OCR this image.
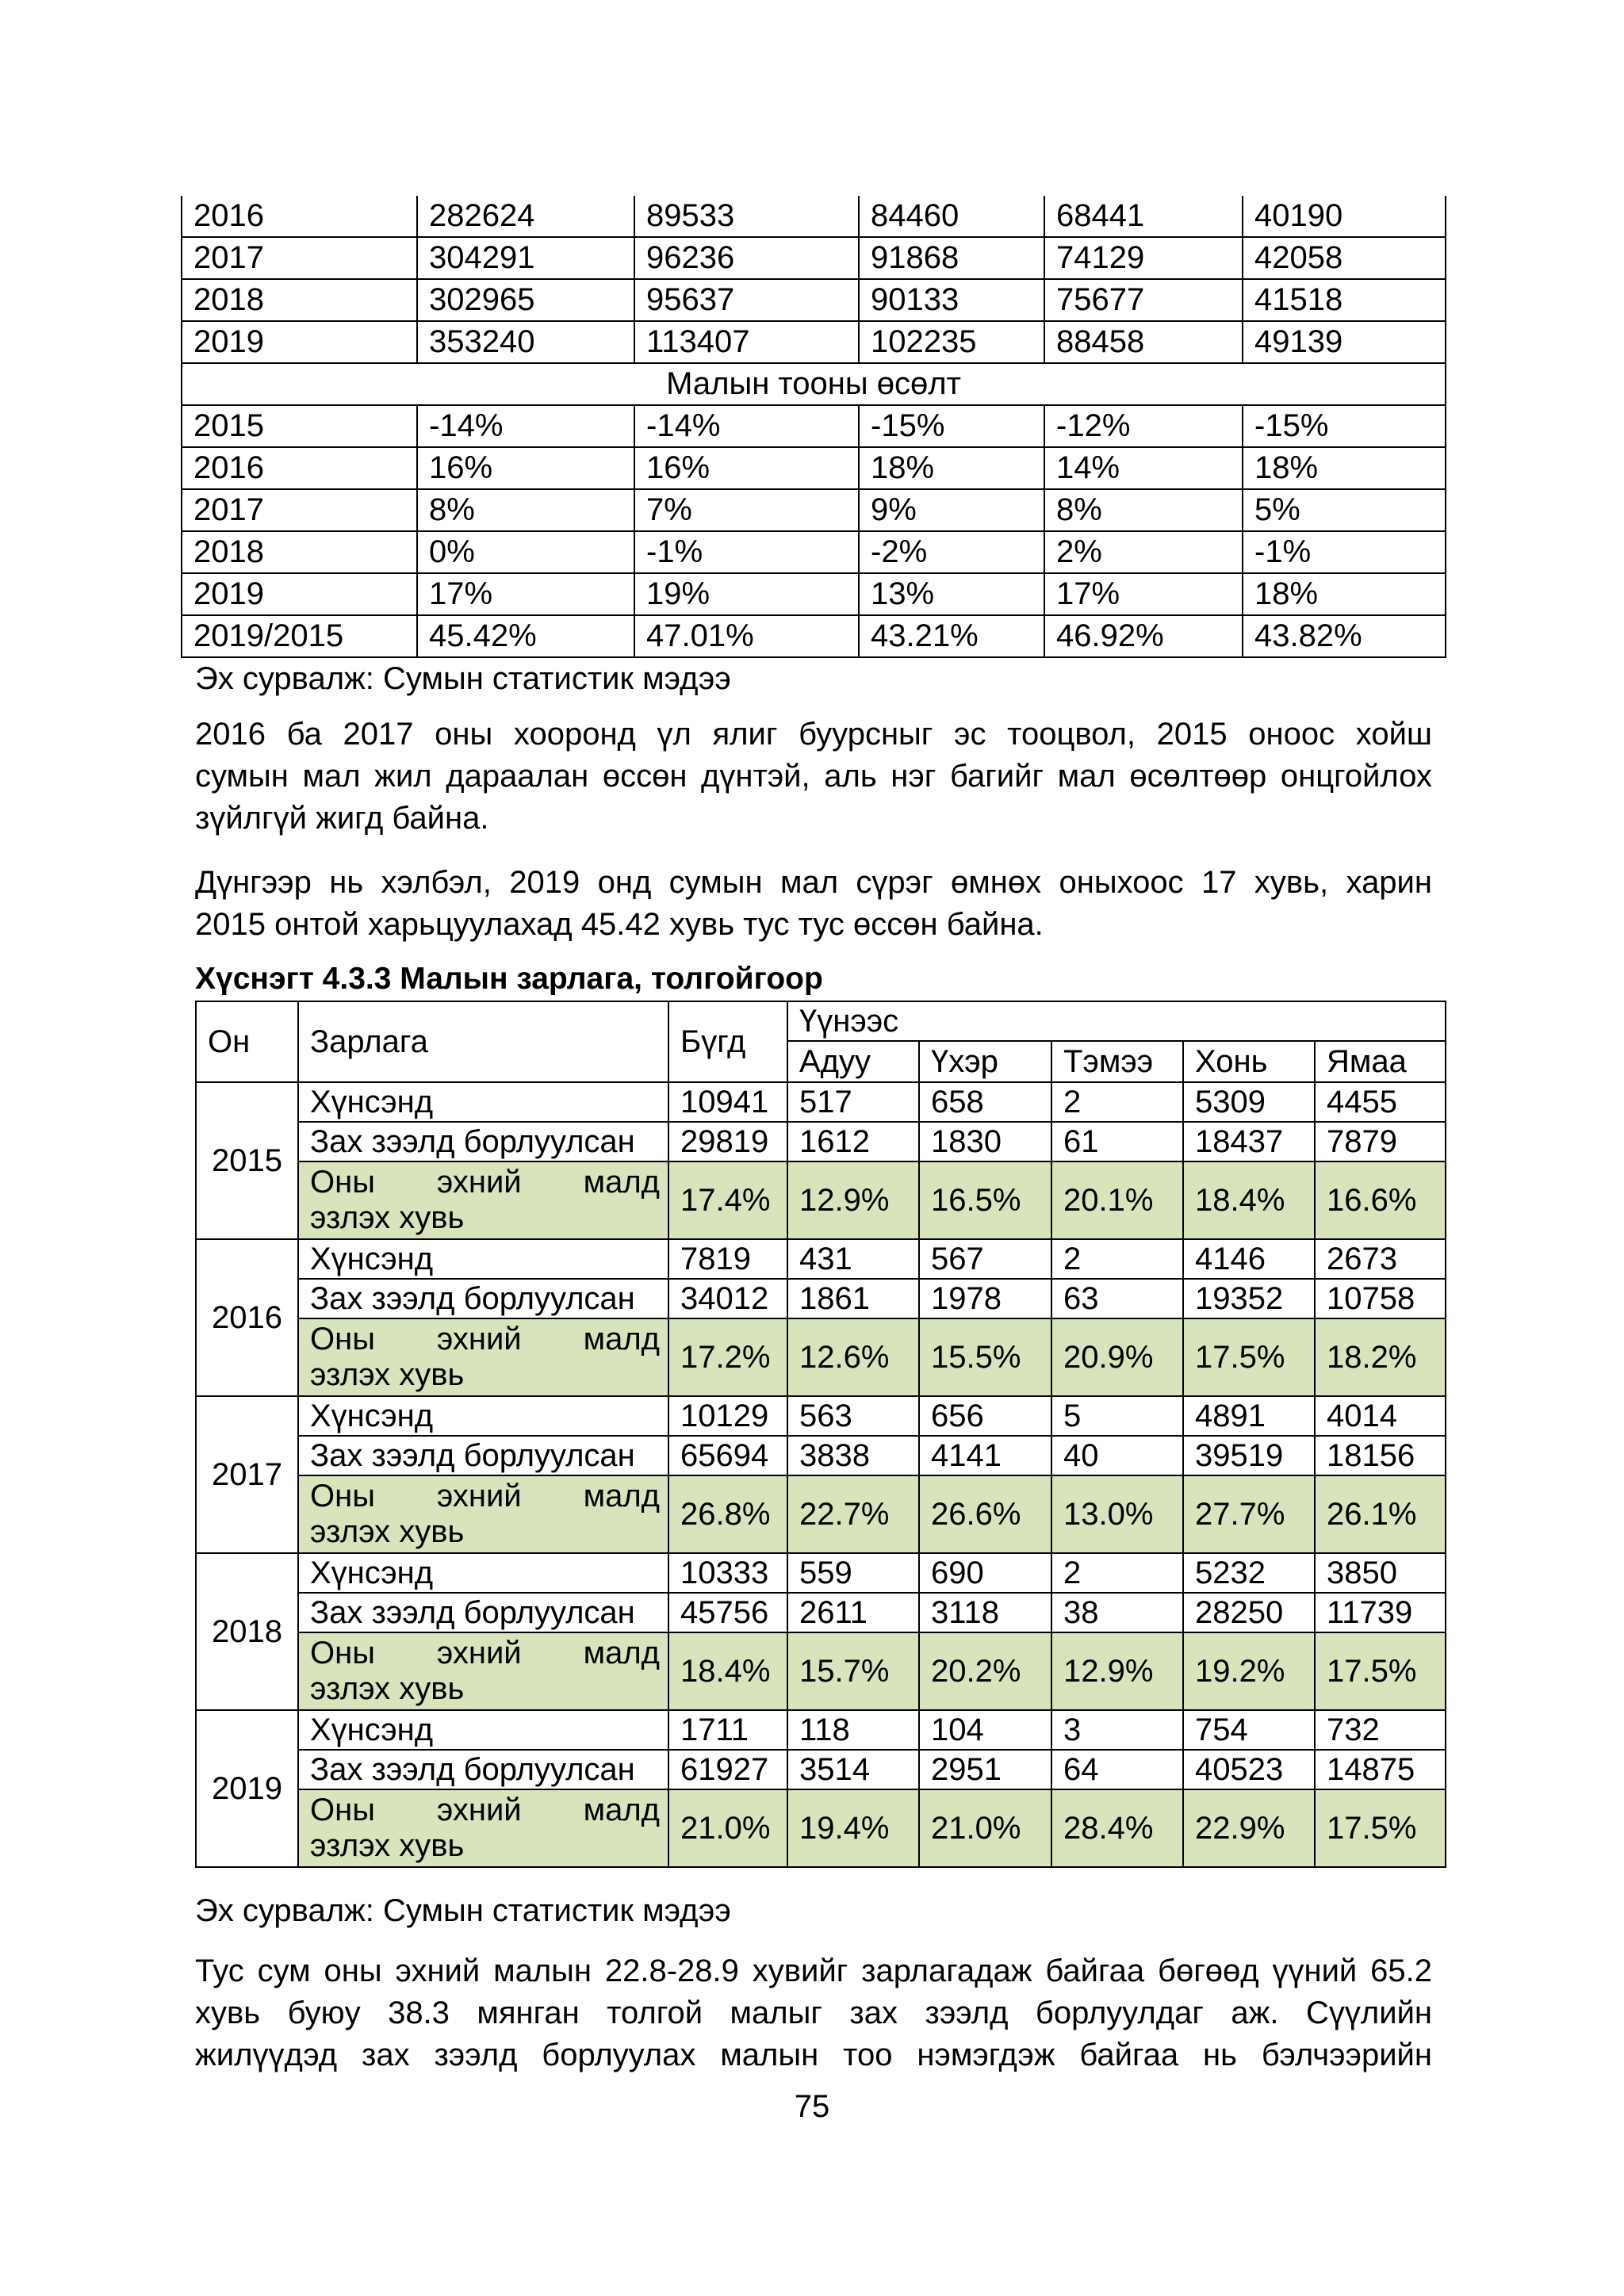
2016	282624	89533	84460	68441	40190
2017	304291	96236	91868	74129	42058
2018	302965	95637	90133	75677	41518
2019	353240	113407	102235	88458	49139
Малын тооны өсөлт					
2015	-14%	-14%	-15%	-12%	-15%
2016	16%	16%	18%	14%	18%
2017	8%	7%	9%	8%	5%
2018	0%	-1%	-2%	2%	-1%
2019	17%	19%	13%	17%	18%
2019/2015	45.42%	47.01%	43.21%	46.92%	43.82%
Эх сурвалж: Сумын статистик мэдээ
2016 ба 2017 оны хооронд үл ялиг буурсныг эс тооцвол, 2015 оноос хойш
сумын мал жил дараалан өссөн дүнтэй, аль нэг багийг мал өсөлтөөр онцгойлох
зүйлгүй жигд байна.
Дүнгээр нь хэлбэл, 2019 онд сумын мал сүрэг өмнөх оныхоос 17 хувь, харин
2015 онтой харьцуулахад 45.42 хувь тус тус өссөн байна.
Хүснэгт 4.3.3 Малын зарлага, толгойгоор
Он	Зарлага	Бүгд	Үүнээс				
			Адуу	Үхэр	Тэмээ	Хонь	Ямаа
2015	Хүнсэнд	10941	517	658	2	5309	4455
	Зах зээлд борлуулсан	29819	1612	1830	61	18437	7879

	Оны эхний малд
эзлэх хувь	17.4%	12.9%	16.5%	20.1%	18.4%	16.6%
2016	Хүнсэнд	7819	431	567	2	4146	2673
	Зах зээлд борлуулсан	34012	1861	1978	63	19352	10758

	Оны эхний малд
эзлэх хувь	17.2%	12.6%	15.5%	20.9%	17.5%	18.2%
2017	Хүнсэнд	10129	563	656	5	4891	4014
	Зах зээлд борлуулсан	65694	3838	4141	40	39519	18156

	Оны эхний малд
эзлэх хувь	26.8%	22.7%	26.6%	13.0%	27.7%	26.1%
2018	Хүнсэнд	10333	559	690	2	5232	3850
	Зах зээлд борлуулсан	45756	2611	3118	38	28250	11739

	Оны эхний малд
эзлэх хувь	18.4%	15.7%	20.2%	12.9%	19.2%	17.5%
2019	Хүнсэнд	1711	118	104	3	754	732
	Зах зээлд борлуулсан	61927	3514	2951	64	40523	14875

	Оны эхний малд
эзлэх хувь	21.0%	19.4%	21.0%	28.4%	22.9%	17.5%
Эх сурвалж: Сумын статистик мэдээ
Тус сум оны эхний малын 22.8-28.9 хувийг зарлагадаж байгаа бөгөөд үүний 65.2
хувь буюу 38.3 мянган толгой малыг зах зээлд борлуулдаг аж. Сүүлийн
жилүүдэд зах зээлд борлуулах малын тоо нэмэгдэж байгаа нь бэлчээрийн
75
